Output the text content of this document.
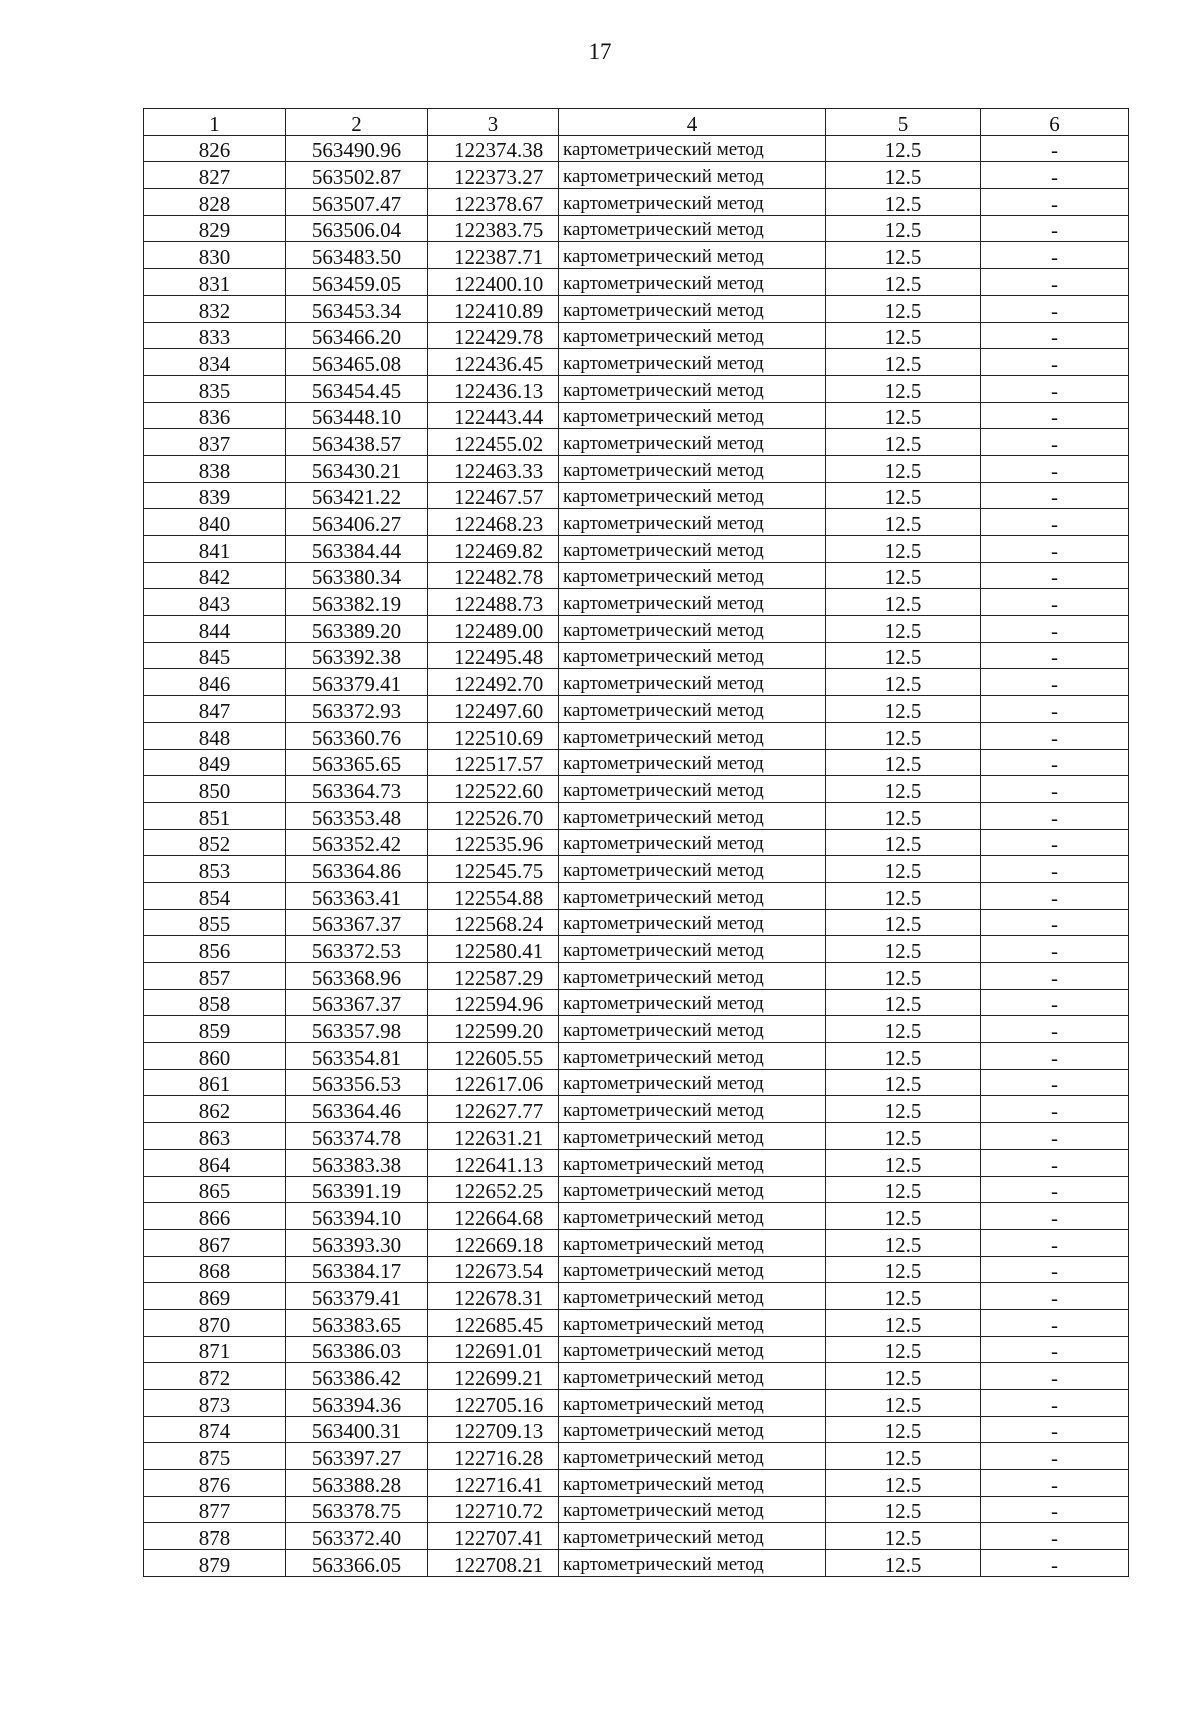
17
1	2	3	4	5	6
826	563490.96	122374.38	картометрический метод	12.5	-
827	563502.87	122373.27	картометрический метод	12.5	-
828	563507.47	122378.67	картометрический метод	12.5	-
829	563506.04	122383.75	картометрический метод	12.5	-
830	563483.50	122387.71	картометрический метод	12.5	-
831	563459.05	122400.10	картометрический метод	12.5	-
832	563453.34	122410.89	картометрический метод	12.5	-
833	563466.20	122429.78	картометрический метод	12.5	-
834	563465.08	122436.45	картометрический метод	12.5	-
835	563454.45	122436.13	картометрический метод	12.5	-
836	563448.10	122443.44	картометрический метод	12.5	-
837	563438.57	122455.02	картометрический метод	12.5	-
838	563430.21	122463.33	картометрический метод	12.5	-
839	563421.22	122467.57	картометрический метод	12.5	-
840	563406.27	122468.23	картометрический метод	12.5	-
841	563384.44	122469.82	картометрический метод	12.5	-
842	563380.34	122482.78	картометрический метод	12.5	-
843	563382.19	122488.73	картометрический метод	12.5	-
844	563389.20	122489.00	картометрический метод	12.5	-
845	563392.38	122495.48	картометрический метод	12.5	-
846	563379.41	122492.70	картометрический метод	12.5	-
847	563372.93	122497.60	картометрический метод	12.5	-
848	563360.76	122510.69	картометрический метод	12.5	-
849	563365.65	122517.57	картометрический метод	12.5	-
850	563364.73	122522.60	картометрический метод	12.5	-
851	563353.48	122526.70	картометрический метод	12.5	-
852	563352.42	122535.96	картометрический метод	12.5	-
853	563364.86	122545.75	картометрический метод	12.5	-
854	563363.41	122554.88	картометрический метод	12.5	-
855	563367.37	122568.24	картометрический метод	12.5	-
856	563372.53	122580.41	картометрический метод	12.5	-
857	563368.96	122587.29	картометрический метод	12.5	-
858	563367.37	122594.96	картометрический метод	12.5	-
859	563357.98	122599.20	картометрический метод	12.5	-
860	563354.81	122605.55	картометрический метод	12.5	-
861	563356.53	122617.06	картометрический метод	12.5	-
862	563364.46	122627.77	картометрический метод	12.5	-
863	563374.78	122631.21	картометрический метод	12.5	-
864	563383.38	122641.13	картометрический метод	12.5	-
865	563391.19	122652.25	картометрический метод	12.5	-
866	563394.10	122664.68	картометрический метод	12.5	-
867	563393.30	122669.18	картометрический метод	12.5	-
868	563384.17	122673.54	картометрический метод	12.5	-
869	563379.41	122678.31	картометрический метод	12.5	-
870	563383.65	122685.45	картометрический метод	12.5	-
871	563386.03	122691.01	картометрический метод	12.5	-
872	563386.42	122699.21	картометрический метод	12.5	-
873	563394.36	122705.16	картометрический метод	12.5	-
874	563400.31	122709.13	картометрический метод	12.5	-
875	563397.27	122716.28	картометрический метод	12.5	-
876	563388.28	122716.41	картометрический метод	12.5	-
877	563378.75	122710.72	картометрический метод	12.5	-
878	563372.40	122707.41	картометрический метод	12.5	-
879	563366.05	122708.21	картометрический метод	12.5	-
